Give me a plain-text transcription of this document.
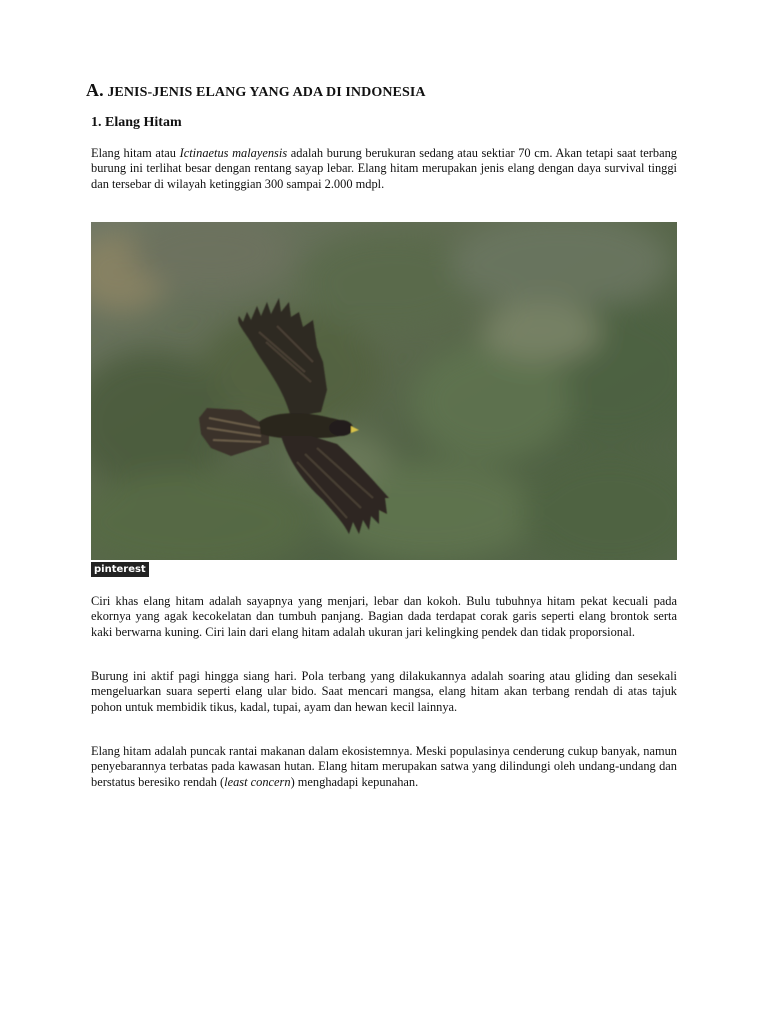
A. JENIS-JENIS ELANG YANG ADA DI INDONESIA
1. Elang Hitam

Elang hitam atau Ictinaetus malayensis adalah burung berukuran sedang atau sektiar 70 cm. Akan tetapi saat terbang burung ini terlihat besar dengan rentang sayap lebar. Elang hitam merupakan jenis elang dengan daya survival tinggi dan tersebar di wilayah ketinggian 300 sampai 2.000 mdpl.

pinterest

Ciri khas elang hitam adalah sayapnya yang menjari, lebar dan kokoh. Bulu tubuhnya hitam pekat kecuali pada ekornya yang agak kecokelatan dan tumbuh panjang. Bagian dada terdapat corak garis seperti elang brontok serta kaki berwarna kuning. Ciri lain dari elang hitam adalah ukuran jari kelingking pendek dan tidak proporsional.

Burung ini aktif pagi hingga siang hari. Pola terbang yang dilakukannya adalah soaring atau gliding dan sesekali mengeluarkan suara seperti elang ular bido. Saat mencari mangsa, elang hitam akan terbang rendah di atas tajuk pohon untuk membidik tikus, kadal, tupai, ayam dan hewan kecil lainnya.

Elang hitam adalah puncak rantai makanan dalam ekosistemnya. Meski populasinya cenderung cukup banyak, namun penyebarannya terbatas pada kawasan hutan. Elang hitam merupakan satwa yang dilindungi oleh undang-undang dan berstatus beresiko rendah (least concern) menghadapi kepunahan.
